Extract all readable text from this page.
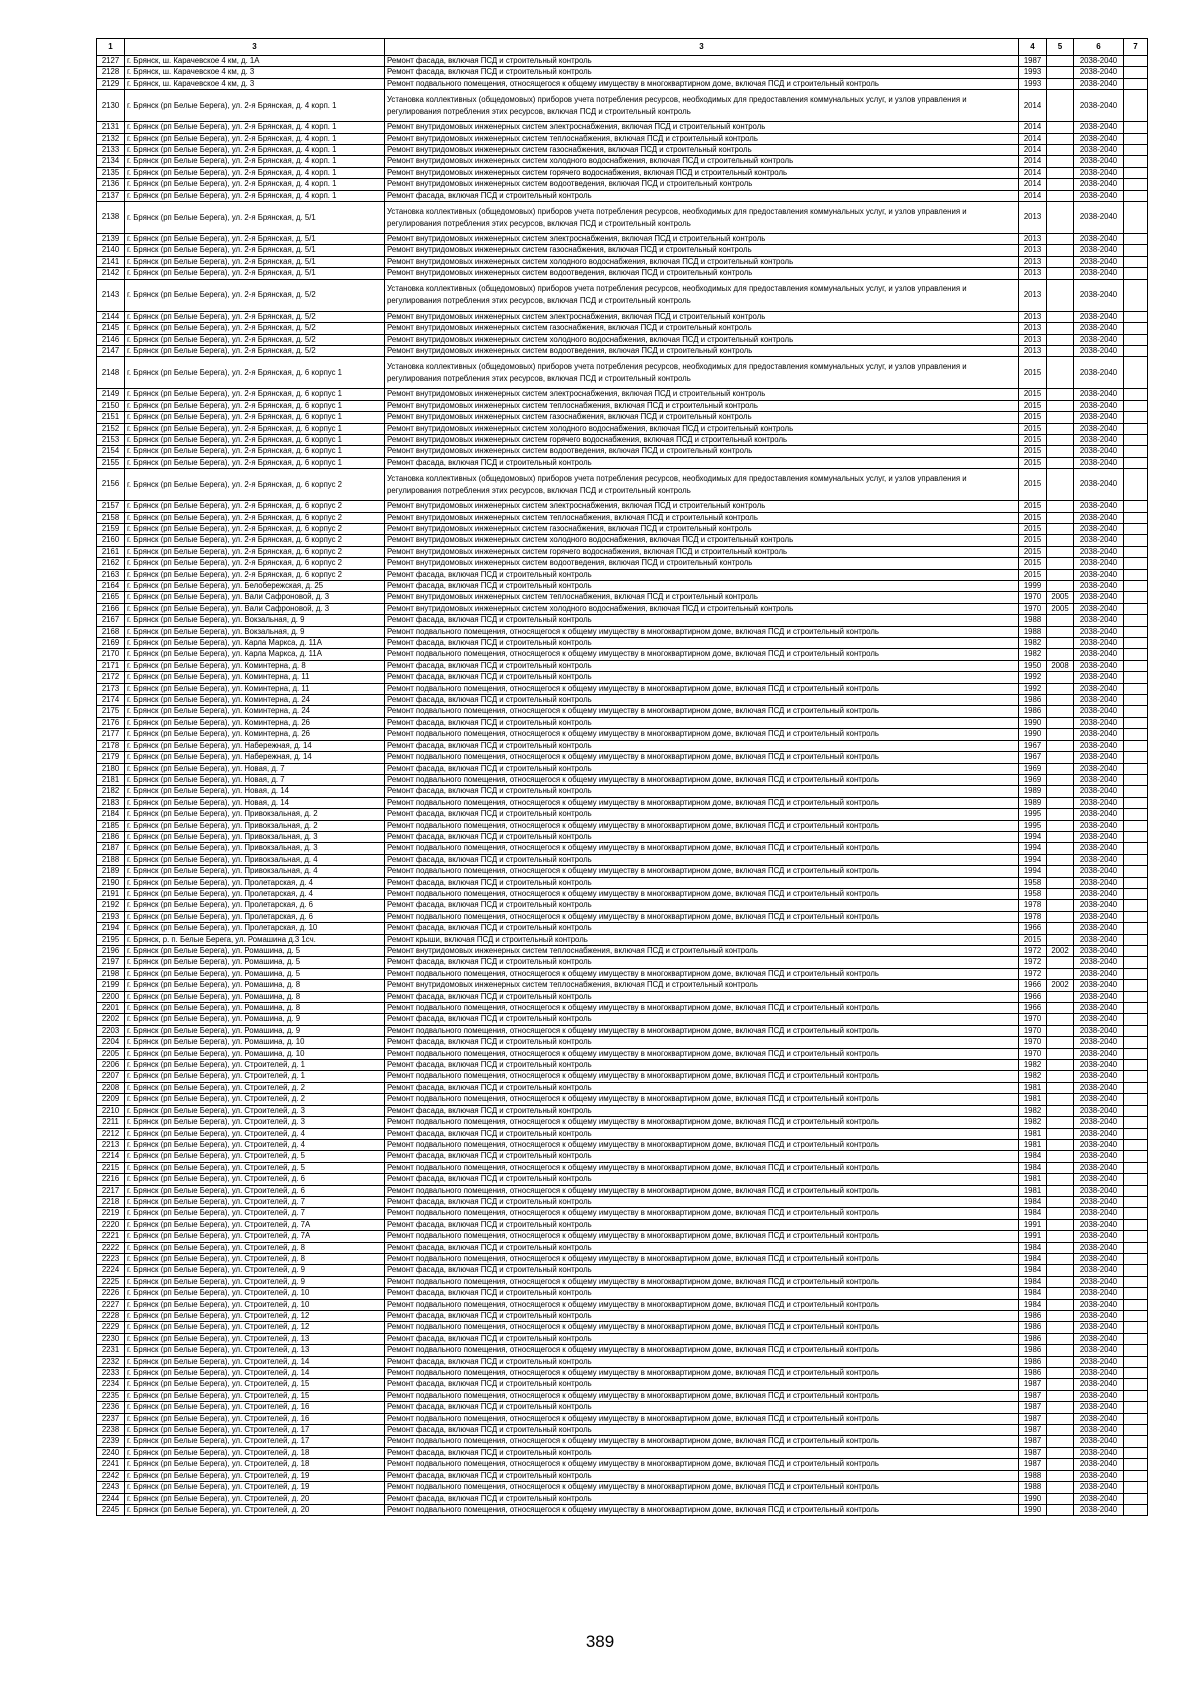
1	3	3	4	5	6	7
2127	г. Брянск, ш. Карачевское 4 км, д. 1А	Ремонт фасада, включая ПСД и строительный контроль	1987		2038-2040	
2128	г. Брянск, ш. Карачевское 4 км, д. 3	Ремонт фасада, включая ПСД и строительный контроль	1993		2038-2040	
2129	г. Брянск, ш. Карачевское 4 км, д. 3	Ремонт подвального помещения, относящегося к общему имуществу в многоквартирном доме, включая ПСД и строительный контроль	1993		2038-2040	
2130	г. Брянск (рп Белые Берега), ул. 2-я Брянская, д. 4 корп. 1	Установка коллективных (общедомовых) приборов учета потребления ресурсов, необходимых для предоставления коммунальных услуг, и узлов управления и регулирования потребления этих ресурсов, включая ПСД и строительный контроль	2014		2038-2040	
2131	г. Брянск (рп Белые Берега), ул. 2-я Брянская, д. 4 корп. 1	Ремонт внутридомовых инженерных систем электроснабжения, включая ПСД и строительный контроль	2014		2038-2040	
2132	г. Брянск (рп Белые Берега), ул. 2-я Брянская, д. 4 корп. 1	Ремонт внутридомовых инженерных систем теплоснабжения, включая ПСД и строительный контроль	2014		2038-2040	
2133	г. Брянск (рп Белые Берега), ул. 2-я Брянская, д. 4 корп. 1	Ремонт внутридомовых инженерных систем газоснабжения, включая ПСД и строительный контроль	2014		2038-2040	
2134	г. Брянск (рп Белые Берега), ул. 2-я Брянская, д. 4 корп. 1	Ремонт внутридомовых инженерных систем холодного водоснабжения, включая ПСД и строительный контроль	2014		2038-2040	
2135	г. Брянск (рп Белые Берега), ул. 2-я Брянская, д. 4 корп. 1	Ремонт внутридомовых инженерных систем горячего водоснабжения, включая ПСД и строительный контроль	2014		2038-2040	
2136	г. Брянск (рп Белые Берега), ул. 2-я Брянская, д. 4 корп. 1	Ремонт внутридомовых инженерных систем водоотведения, включая ПСД и строительный контроль	2014		2038-2040	
2137	г. Брянск (рп Белые Берега), ул. 2-я Брянская, д. 4 корп. 1	Ремонт фасада, включая ПСД и строительный контроль	2014		2038-2040	
2138	г. Брянск (рп Белые Берега), ул. 2-я Брянская, д. 5/1	Установка коллективных (общедомовых) приборов учета потребления ресурсов, необходимых для предоставления коммунальных услуг, и узлов управления и регулирования потребления этих ресурсов, включая ПСД и строительный контроль	2013		2038-2040	
2139	г. Брянск (рп Белые Берега), ул. 2-я Брянская, д. 5/1	Ремонт внутридомовых инженерных систем электроснабжения, включая ПСД и строительный контроль	2013		2038-2040	
2140	г. Брянск (рп Белые Берега), ул. 2-я Брянская, д. 5/1	Ремонт внутридомовых инженерных систем газоснабжения, включая ПСД и строительный контроль	2013		2038-2040	
2141	г. Брянск (рп Белые Берега), ул. 2-я Брянская, д. 5/1	Ремонт внутридомовых инженерных систем холодного водоснабжения, включая ПСД и строительный контроль	2013		2038-2040	
2142	г. Брянск (рп Белые Берега), ул. 2-я Брянская, д. 5/1	Ремонт внутридомовых инженерных систем водоотведения, включая ПСД и строительный контроль	2013		2038-2040	
2143	г. Брянск (рп Белые Берега), ул. 2-я Брянская, д. 5/2	Установка коллективных (общедомовых) приборов учета потребления ресурсов, необходимых для предоставления коммунальных услуг, и узлов управления и регулирования потребления этих ресурсов, включая ПСД и строительный контроль	2013		2038-2040	
2144	г. Брянск (рп Белые Берега), ул. 2-я Брянская, д. 5/2	Ремонт внутридомовых инженерных систем электроснабжения, включая ПСД и строительный контроль	2013		2038-2040	
2145	г. Брянск (рп Белые Берега), ул. 2-я Брянская, д. 5/2	Ремонт внутридомовых инженерных систем газоснабжения, включая ПСД и строительный контроль	2013		2038-2040	
2146	г. Брянск (рп Белые Берега), ул. 2-я Брянская, д. 5/2	Ремонт внутридомовых инженерных систем холодного водоснабжения, включая ПСД и строительный контроль	2013		2038-2040	
2147	г. Брянск (рп Белые Берега), ул. 2-я Брянская, д. 5/2	Ремонт внутридомовых инженерных систем водоотведения, включая ПСД и строительный контроль	2013		2038-2040	
2148	г. Брянск (рп Белые Берега), ул. 2-я Брянская, д. 6 корпус 1	Установка коллективных (общедомовых) приборов учета потребления ресурсов, необходимых для предоставления коммунальных услуг, и узлов управления и регулирования потребления этих ресурсов, включая ПСД и строительный контроль	2015		2038-2040	
2149	г. Брянск (рп Белые Берега), ул. 2-я Брянская, д. 6 корпус 1	Ремонт внутридомовых инженерных систем электроснабжения, включая ПСД и строительный контроль	2015		2038-2040	
2150	г. Брянск (рп Белые Берега), ул. 2-я Брянская, д. 6 корпус 1	Ремонт внутридомовых инженерных систем теплоснабжения, включая ПСД и строительный контроль	2015		2038-2040	
2151	г. Брянск (рп Белые Берега), ул. 2-я Брянская, д. 6 корпус 1	Ремонт внутридомовых инженерных систем газоснабжения, включая ПСД и строительный контроль	2015		2038-2040	
2152	г. Брянск (рп Белые Берега), ул. 2-я Брянская, д. 6 корпус 1	Ремонт внутридомовых инженерных систем холодного водоснабжения, включая ПСД и строительный контроль	2015		2038-2040	
2153	г. Брянск (рп Белые Берега), ул. 2-я Брянская, д. 6 корпус 1	Ремонт внутридомовых инженерных систем горячего водоснабжения, включая ПСД и строительный контроль	2015		2038-2040	
2154	г. Брянск (рп Белые Берега), ул. 2-я Брянская, д. 6 корпус 1	Ремонт внутридомовых инженерных систем водоотведения, включая ПСД и строительный контроль	2015		2038-2040	
2155	г. Брянск (рп Белые Берега), ул. 2-я Брянская, д. 6 корпус 1	Ремонт фасада, включая ПСД и строительный контроль	2015		2038-2040	
2156	г. Брянск (рп Белые Берега), ул. 2-я Брянская, д. 6 корпус 2	Установка коллективных (общедомовых) приборов учета потребления ресурсов, необходимых для предоставления коммунальных услуг, и узлов управления и регулирования потребления этих ресурсов, включая ПСД и строительный контроль	2015		2038-2040	
2157	г. Брянск (рп Белые Берега), ул. 2-я Брянская, д. 6 корпус 2	Ремонт внутридомовых инженерных систем электроснабжения, включая ПСД и строительный контроль	2015		2038-2040	
2158	г. Брянск (рп Белые Берега), ул. 2-я Брянская, д. 6 корпус 2	Ремонт внутридомовых инженерных систем теплоснабжения, включая ПСД и строительный контроль	2015		2038-2040	
2159	г. Брянск (рп Белые Берега), ул. 2-я Брянская, д. 6 корпус 2	Ремонт внутридомовых инженерных систем газоснабжения, включая ПСД и строительный контроль	2015		2038-2040	
2160	г. Брянск (рп Белые Берега), ул. 2-я Брянская, д. 6 корпус 2	Ремонт внутридомовых инженерных систем холодного водоснабжения, включая ПСД и строительный контроль	2015		2038-2040	
2161	г. Брянск (рп Белые Берега), ул. 2-я Брянская, д. 6 корпус 2	Ремонт внутридомовых инженерных систем горячего водоснабжения, включая ПСД и строительный контроль	2015		2038-2040	
2162	г. Брянск (рп Белые Берега), ул. 2-я Брянская, д. 6 корпус 2	Ремонт внутридомовых инженерных систем водоотведения, включая ПСД и строительный контроль	2015		2038-2040	
2163	г. Брянск (рп Белые Берега), ул. 2-я Брянская, д. 6 корпус 2	Ремонт фасада, включая ПСД и строительный контроль	2015		2038-2040	
2164	г. Брянск (рп Белые Берега), ул. Белобережская, д. 25	Ремонт фасада, включая ПСД и строительный контроль	1999		2038-2040	
2165	г. Брянск (рп Белые Берега), ул. Вали Сафроновой, д. 3	Ремонт внутридомовых инженерных систем теплоснабжения, включая ПСД и строительный контроль	1970	2005	2038-2040	
2166	г. Брянск (рп Белые Берега), ул. Вали Сафроновой, д. 3	Ремонт внутридомовых инженерных систем холодного водоснабжения, включая ПСД и строительный контроль	1970	2005	2038-2040	
2167	г. Брянск (рп Белые Берега), ул. Вокзальная, д. 9	Ремонт фасада, включая ПСД и строительный контроль	1988		2038-2040	
2168	г. Брянск (рп Белые Берега), ул. Вокзальная, д. 9	Ремонт подвального помещения, относящегося к общему имуществу в многоквартирном доме, включая ПСД и строительный контроль	1988		2038-2040	
2169	г. Брянск (рп Белые Берега), ул. Карла Маркса, д. 11А	Ремонт фасада, включая ПСД и строительный контроль	1982		2038-2040	
2170	г. Брянск (рп Белые Берега), ул. Карла Маркса, д. 11А	Ремонт подвального помещения, относящегося к общему имуществу в многоквартирном доме, включая ПСД и строительный контроль	1982		2038-2040	
2171	г. Брянск (рп Белые Берега), ул. Коминтерна, д. 8	Ремонт фасада, включая ПСД и строительный контроль	1950	2008	2038-2040	
2172	г. Брянск (рп Белые Берега), ул. Коминтерна, д. 11	Ремонт фасада, включая ПСД и строительный контроль	1992		2038-2040	
2173	г. Брянск (рп Белые Берега), ул. Коминтерна, д. 11	Ремонт подвального помещения, относящегося к общему имуществу в многоквартирном доме, включая ПСД и строительный контроль	1992		2038-2040	
2174	г. Брянск (рп Белые Берега), ул. Коминтерна, д. 24	Ремонт фасада, включая ПСД и строительный контроль	1986		2038-2040	
2175	г. Брянск (рп Белые Берега), ул. Коминтерна, д. 24	Ремонт подвального помещения, относящегося к общему имуществу в многоквартирном доме, включая ПСД и строительный контроль	1986		2038-2040	
2176	г. Брянск (рп Белые Берега), ул. Коминтерна, д. 26	Ремонт фасада, включая ПСД и строительный контроль	1990		2038-2040	
2177	г. Брянск (рп Белые Берега), ул. Коминтерна, д. 26	Ремонт подвального помещения, относящегося к общему имуществу в многоквартирном доме, включая ПСД и строительный контроль	1990		2038-2040	
2178	г. Брянск (рп Белые Берега), ул. Набережная, д. 14	Ремонт фасада, включая ПСД и строительный контроль	1967		2038-2040	
2179	г. Брянск (рп Белые Берега), ул. Набережная, д. 14	Ремонт подвального помещения, относящегося к общему имуществу в многоквартирном доме, включая ПСД и строительный контроль	1967		2038-2040	
2180	г. Брянск (рп Белые Берега), ул. Новая, д. 7	Ремонт фасада, включая ПСД и строительный контроль	1969		2038-2040	
2181	г. Брянск (рп Белые Берега), ул. Новая, д. 7	Ремонт подвального помещения, относящегося к общему имуществу в многоквартирном доме, включая ПСД и строительный контроль	1969		2038-2040	
2182	г. Брянск (рп Белые Берега), ул. Новая, д. 14	Ремонт фасада, включая ПСД и строительный контроль	1989		2038-2040	
2183	г. Брянск (рп Белые Берега), ул. Новая, д. 14	Ремонт подвального помещения, относящегося к общему имуществу в многоквартирном доме, включая ПСД и строительный контроль	1989		2038-2040	
2184	г. Брянск (рп Белые Берега), ул. Привокзальная, д. 2	Ремонт фасада, включая ПСД и строительный контроль	1995		2038-2040	
2185	г. Брянск (рп Белые Берега), ул. Привокзальная, д. 2	Ремонт подвального помещения, относящегося к общему имуществу в многоквартирном доме, включая ПСД и строительный контроль	1995		2038-2040	
2186	г. Брянск (рп Белые Берега), ул. Привокзальная, д. 3	Ремонт фасада, включая ПСД и строительный контроль	1994		2038-2040	
2187	г. Брянск (рп Белые Берега), ул. Привокзальная, д. 3	Ремонт подвального помещения, относящегося к общему имуществу в многоквартирном доме, включая ПСД и строительный контроль	1994		2038-2040	
2188	г. Брянск (рп Белые Берега), ул. Привокзальная, д. 4	Ремонт фасада, включая ПСД и строительный контроль	1994		2038-2040	
2189	г. Брянск (рп Белые Берега), ул. Привокзальная, д. 4	Ремонт подвального помещения, относящегося к общему имуществу в многоквартирном доме, включая ПСД и строительный контроль	1994		2038-2040	
2190	г. Брянск (рп Белые Берега), ул. Пролетарская, д. 4	Ремонт фасада, включая ПСД и строительный контроль	1958		2038-2040	
2191	г. Брянск (рп Белые Берега), ул. Пролетарская, д. 4	Ремонт подвального помещения, относящегося к общему имуществу в многоквартирном доме, включая ПСД и строительный контроль	1958		2038-2040	
2192	г. Брянск (рп Белые Берега), ул. Пролетарская, д. 6	Ремонт фасада, включая ПСД и строительный контроль	1978		2038-2040	
2193	г. Брянск (рп Белые Берега), ул. Пролетарская, д. 6	Ремонт подвального помещения, относящегося к общему имуществу в многоквартирном доме, включая ПСД и строительный контроль	1978		2038-2040	
2194	г. Брянск (рп Белые Берега), ул. Пролетарская, д. 10	Ремонт фасада, включая ПСД и строительный контроль	1966		2038-2040	
2195	г. Брянск, р. п. Белые Берега, ул. Ромашина д.3 1сч.	Ремонт крыши, включая ПСД и строительный контроль	2015		2038-2040	
2196	г. Брянск (рп Белые Берега), ул. Ромашина, д. 5	Ремонт внутридомовых инженерных систем теплоснабжения, включая ПСД и строительный контроль	1972	2002	2038-2040	
2197	г. Брянск (рп Белые Берега), ул. Ромашина, д. 5	Ремонт фасада, включая ПСД и строительный контроль	1972		2038-2040	
2198	г. Брянск (рп Белые Берега), ул. Ромашина, д. 5	Ремонт подвального помещения, относящегося к общему имуществу в многоквартирном доме, включая ПСД и строительный контроль	1972		2038-2040	
2199	г. Брянск (рп Белые Берега), ул. Ромашина, д. 8	Ремонт внутридомовых инженерных систем теплоснабжения, включая ПСД и строительный контроль	1966	2002	2038-2040	
2200	г. Брянск (рп Белые Берега), ул. Ромашина, д. 8	Ремонт фасада, включая ПСД и строительный контроль	1966		2038-2040	
2201	г. Брянск (рп Белые Берега), ул. Ромашина, д. 8	Ремонт подвального помещения, относящегося к общему имуществу в многоквартирном доме, включая ПСД и строительный контроль	1966		2038-2040	
2202	г. Брянск (рп Белые Берега), ул. Ромашина, д. 9	Ремонт фасада, включая ПСД и строительный контроль	1970		2038-2040	
2203	г. Брянск (рп Белые Берега), ул. Ромашина, д. 9	Ремонт подвального помещения, относящегося к общему имуществу в многоквартирном доме, включая ПСД и строительный контроль	1970		2038-2040	
2204	г. Брянск (рп Белые Берега), ул. Ромашина, д. 10	Ремонт фасада, включая ПСД и строительный контроль	1970		2038-2040	
2205	г. Брянск (рп Белые Берега), ул. Ромашина, д. 10	Ремонт подвального помещения, относящегося к общему имуществу в многоквартирном доме, включая ПСД и строительный контроль	1970		2038-2040	
2206	г. Брянск (рп Белые Берега), ул. Строителей, д. 1	Ремонт фасада, включая ПСД и строительный контроль	1982		2038-2040	
2207	г. Брянск (рп Белые Берега), ул. Строителей, д. 1	Ремонт подвального помещения, относящегося к общему имуществу в многоквартирном доме, включая ПСД и строительный контроль	1982		2038-2040	
2208	г. Брянск (рп Белые Берега), ул. Строителей, д. 2	Ремонт фасада, включая ПСД и строительный контроль	1981		2038-2040	
2209	г. Брянск (рп Белые Берега), ул. Строителей, д. 2	Ремонт подвального помещения, относящегося к общему имуществу в многоквартирном доме, включая ПСД и строительный контроль	1981		2038-2040	
2210	г. Брянск (рп Белые Берега), ул. Строителей, д. 3	Ремонт фасада, включая ПСД и строительный контроль	1982		2038-2040	
2211	г. Брянск (рп Белые Берега), ул. Строителей, д. 3	Ремонт подвального помещения, относящегося к общему имуществу в многоквартирном доме, включая ПСД и строительный контроль	1982		2038-2040	
2212	г. Брянск (рп Белые Берега), ул. Строителей, д. 4	Ремонт фасада, включая ПСД и строительный контроль	1981		2038-2040	
2213	г. Брянск (рп Белые Берега), ул. Строителей, д. 4	Ремонт подвального помещения, относящегося к общему имуществу в многоквартирном доме, включая ПСД и строительный контроль	1981		2038-2040	
2214	г. Брянск (рп Белые Берега), ул. Строителей, д. 5	Ремонт фасада, включая ПСД и строительный контроль	1984		2038-2040	
2215	г. Брянск (рп Белые Берега), ул. Строителей, д. 5	Ремонт подвального помещения, относящегося к общему имуществу в многоквартирном доме, включая ПСД и строительный контроль	1984		2038-2040	
2216	г. Брянск (рп Белые Берега), ул. Строителей, д. 6	Ремонт фасада, включая ПСД и строительный контроль	1981		2038-2040	
2217	г. Брянск (рп Белые Берега), ул. Строителей, д. 6	Ремонт подвального помещения, относящегося к общему имуществу в многоквартирном доме, включая ПСД и строительный контроль	1981		2038-2040	
2218	г. Брянск (рп Белые Берега), ул. Строителей, д. 7	Ремонт фасада, включая ПСД и строительный контроль	1984		2038-2040	
2219	г. Брянск (рп Белые Берега), ул. Строителей, д. 7	Ремонт подвального помещения, относящегося к общему имуществу в многоквартирном доме, включая ПСД и строительный контроль	1984		2038-2040	
2220	г. Брянск (рп Белые Берега), ул. Строителей, д. 7А	Ремонт фасада, включая ПСД и строительный контроль	1991		2038-2040	
2221	г. Брянск (рп Белые Берега), ул. Строителей, д. 7А	Ремонт подвального помещения, относящегося к общему имуществу в многоквартирном доме, включая ПСД и строительный контроль	1991		2038-2040	
2222	г. Брянск (рп Белые Берега), ул. Строителей, д. 8	Ремонт фасада, включая ПСД и строительный контроль	1984		2038-2040	
2223	г. Брянск (рп Белые Берега), ул. Строителей, д. 8	Ремонт подвального помещения, относящегося к общему имуществу в многоквартирном доме, включая ПСД и строительный контроль	1984		2038-2040	
2224	г. Брянск (рп Белые Берега), ул. Строителей, д. 9	Ремонт фасада, включая ПСД и строительный контроль	1984		2038-2040	
2225	г. Брянск (рп Белые Берега), ул. Строителей, д. 9	Ремонт подвального помещения, относящегося к общему имуществу в многоквартирном доме, включая ПСД и строительный контроль	1984		2038-2040	
2226	г. Брянск (рп Белые Берега), ул. Строителей, д. 10	Ремонт фасада, включая ПСД и строительный контроль	1984		2038-2040	
2227	г. Брянск (рп Белые Берега), ул. Строителей, д. 10	Ремонт подвального помещения, относящегося к общему имуществу в многоквартирном доме, включая ПСД и строительный контроль	1984		2038-2040	
2228	г. Брянск (рп Белые Берега), ул. Строителей, д. 12	Ремонт фасада, включая ПСД и строительный контроль	1986		2038-2040	
2229	г. Брянск (рп Белые Берега), ул. Строителей, д. 12	Ремонт подвального помещения, относящегося к общему имуществу в многоквартирном доме, включая ПСД и строительный контроль	1986		2038-2040	
2230	г. Брянск (рп Белые Берега), ул. Строителей, д. 13	Ремонт фасада, включая ПСД и строительный контроль	1986		2038-2040	
2231	г. Брянск (рп Белые Берега), ул. Строителей, д. 13	Ремонт подвального помещения, относящегося к общему имуществу в многоквартирном доме, включая ПСД и строительный контроль	1986		2038-2040	
2232	г. Брянск (рп Белые Берега), ул. Строителей, д. 14	Ремонт фасада, включая ПСД и строительный контроль	1986		2038-2040	
2233	г. Брянск (рп Белые Берега), ул. Строителей, д. 14	Ремонт подвального помещения, относящегося к общему имуществу в многоквартирном доме, включая ПСД и строительный контроль	1986		2038-2040	
2234	г. Брянск (рп Белые Берега), ул. Строителей, д. 15	Ремонт фасада, включая ПСД и строительный контроль	1987		2038-2040	
2235	г. Брянск (рп Белые Берега), ул. Строителей, д. 15	Ремонт подвального помещения, относящегося к общему имуществу в многоквартирном доме, включая ПСД и строительный контроль	1987		2038-2040	
2236	г. Брянск (рп Белые Берега), ул. Строителей, д. 16	Ремонт фасада, включая ПСД и строительный контроль	1987		2038-2040	
2237	г. Брянск (рп Белые Берега), ул. Строителей, д. 16	Ремонт подвального помещения, относящегося к общему имуществу в многоквартирном доме, включая ПСД и строительный контроль	1987		2038-2040	
2238	г. Брянск (рп Белые Берега), ул. Строителей, д. 17	Ремонт фасада, включая ПСД и строительный контроль	1987		2038-2040	
2239	г. Брянск (рп Белые Берега), ул. Строителей, д. 17	Ремонт подвального помещения, относящегося к общему имуществу в многоквартирном доме, включая ПСД и строительный контроль	1987		2038-2040	
2240	г. Брянск (рп Белые Берега), ул. Строителей, д. 18	Ремонт фасада, включая ПСД и строительный контроль	1987		2038-2040	
2241	г. Брянск (рп Белые Берега), ул. Строителей, д. 18	Ремонт подвального помещения, относящегося к общему имуществу в многоквартирном доме, включая ПСД и строительный контроль	1987		2038-2040	
2242	г. Брянск (рп Белые Берега), ул. Строителей, д. 19	Ремонт фасада, включая ПСД и строительный контроль	1988		2038-2040	
2243	г. Брянск (рп Белые Берега), ул. Строителей, д. 19	Ремонт подвального помещения, относящегося к общему имуществу в многоквартирном доме, включая ПСД и строительный контроль	1988		2038-2040	
2244	г. Брянск (рп Белые Берега), ул. Строителей, д. 20	Ремонт фасада, включая ПСД и строительный контроль	1990		2038-2040	
2245	г. Брянск (рп Белые Берега), ул. Строителей, д. 20	Ремонт подвального помещения, относящегося к общему имуществу в многоквартирном доме, включая ПСД и строительный контроль	1990		2038-2040	
389
